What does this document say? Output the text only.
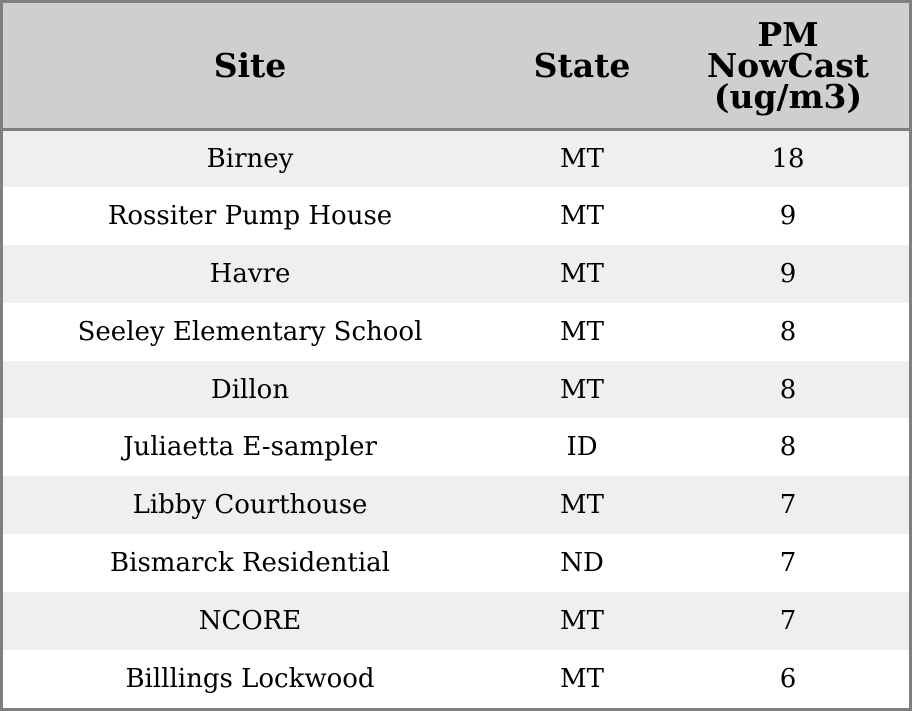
Site	State	PM
NowCast
(ug/m3)
Birney	MT	18
Rossiter Pump House	MT	9
Havre	MT	9
Seeley Elementary School	MT	8
Dillon	MT	8
Juliaetta E-sampler	ID	8
Libby Courthouse	MT	7
Bismarck Residential	ND	7
NCORE	MT	7
Billlings Lockwood	MT	6
